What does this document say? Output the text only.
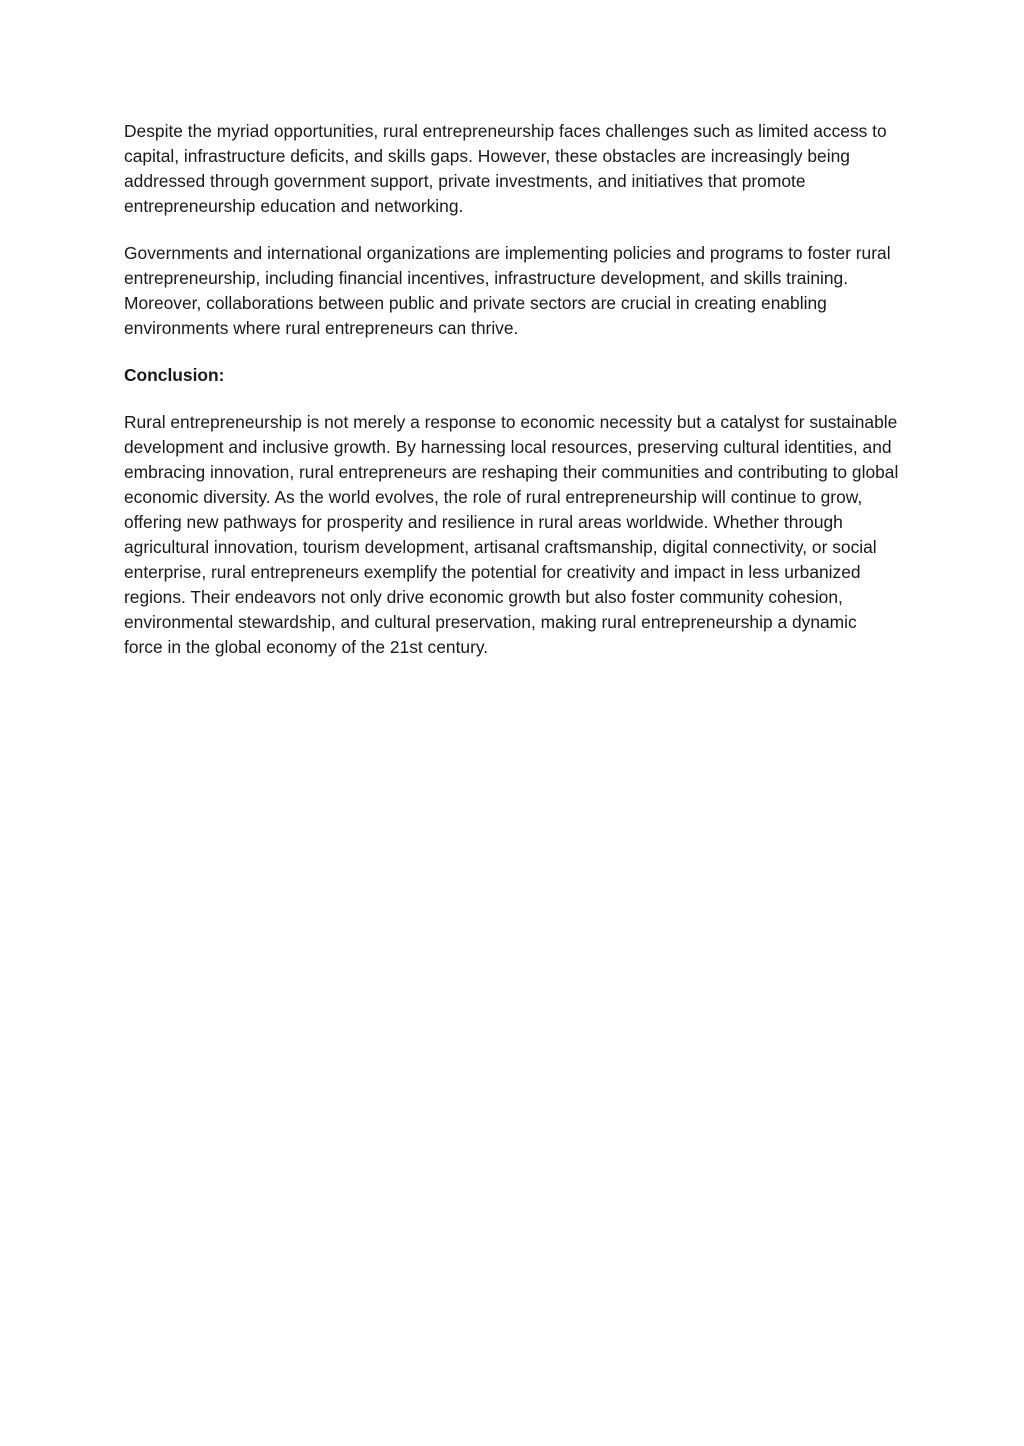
Despite the myriad opportunities, rural entrepreneurship faces challenges such as limited access to capital, infrastructure deficits, and skills gaps. However, these obstacles are increasingly being addressed through government support, private investments, and initiatives that promote entrepreneurship education and networking.

Governments and international organizations are implementing policies and programs to foster rural entrepreneurship, including financial incentives, infrastructure development, and skills training. Moreover, collaborations between public and private sectors are crucial in creating enabling environments where rural entrepreneurs can thrive.

Conclusion:

Rural entrepreneurship is not merely a response to economic necessity but a catalyst for sustainable development and inclusive growth. By harnessing local resources, preserving cultural identities, and embracing innovation, rural entrepreneurs are reshaping their communities and contributing to global economic diversity. As the world evolves, the role of rural entrepreneurship will continue to grow, offering new pathways for prosperity and resilience in rural areas worldwide. Whether through agricultural innovation, tourism development, artisanal craftsmanship, digital connectivity, or social enterprise, rural entrepreneurs exemplify the potential for creativity and impact in less urbanized regions. Their endeavors not only drive economic growth but also foster community cohesion, environmental stewardship, and cultural preservation, making rural entrepreneurship a dynamic force in the global economy of the 21st century.
